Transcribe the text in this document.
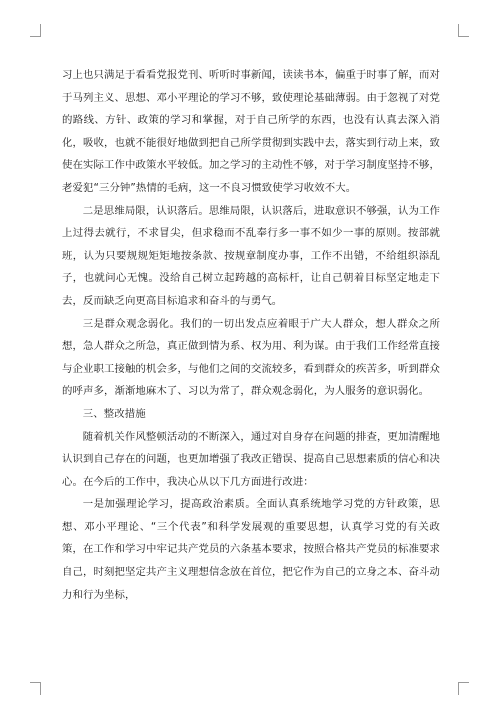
习上也只满足于看看党报党刊、听听时事新闻，读读书本，偏重于时事了解，而对于马列主义、思想、邓小平理论的学习不够，致使理论基础薄弱。由于忽视了对党的路线、方针、政策的学习和掌握，对于自己所学的东西，也没有认真去深入消化，吸收，也就不能很好地做到把自己所学贯彻到实践中去，落实到行动上来，致使在实际工作中政策水平较低。加之学习的主动性不够，对于学习制度坚持不够，老爱犯“三分钟”热情的毛病，这一不良习惯致使学习收效不大。

二是思维局限，认识落后。思维局限，认识落后，进取意识不够强，认为工作上过得去就行，不求冒尖，但求稳而不乱奉行多一事不如少一事的原则。按部就班，认为只要规规矩矩地按条款、按规章制度办事，工作不出错，不给组织添乱子，也就问心无愧。没给自己树立起跨越的高标杆，让自己朝着目标坚定地走下去，反而缺乏向更高目标追求和奋斗的与勇气。

三是群众观念弱化。我们的一切出发点应着眼于广大人群众，想人群众之所想，急人群众之所急，真正做到情为系、权为用、利为谋。由于我们工作经常直接与企业职工接触的机会多，与他们之间的交流较多，看到群众的疾苦多，听到群众的呼声多，渐渐地麻木了、习以为常了，群众观念弱化，为人服务的意识弱化。

三、整改措施

随着机关作风整顿活动的不断深入，通过对自身存在问题的排查，更加清醒地认识到自己存在的问题，也更加增强了我改正错误、提高自己思想素质的信心和决心。在今后的工作中，我决心从以下几方面进行改进：

一是加强理论学习，提高政治素质。全面认真系统地学习党的方针政策，思想、邓小平理论、“三个代表”和科学发展观的重要思想，认真学习党的有关政策，在工作和学习中牢记共产党员的六条基本要求，按照合格共产党员的标准要求自己，时刻把坚定共产主义理想信念放在首位，把它作为自己的立身之本、奋斗动力和行为坐标，
